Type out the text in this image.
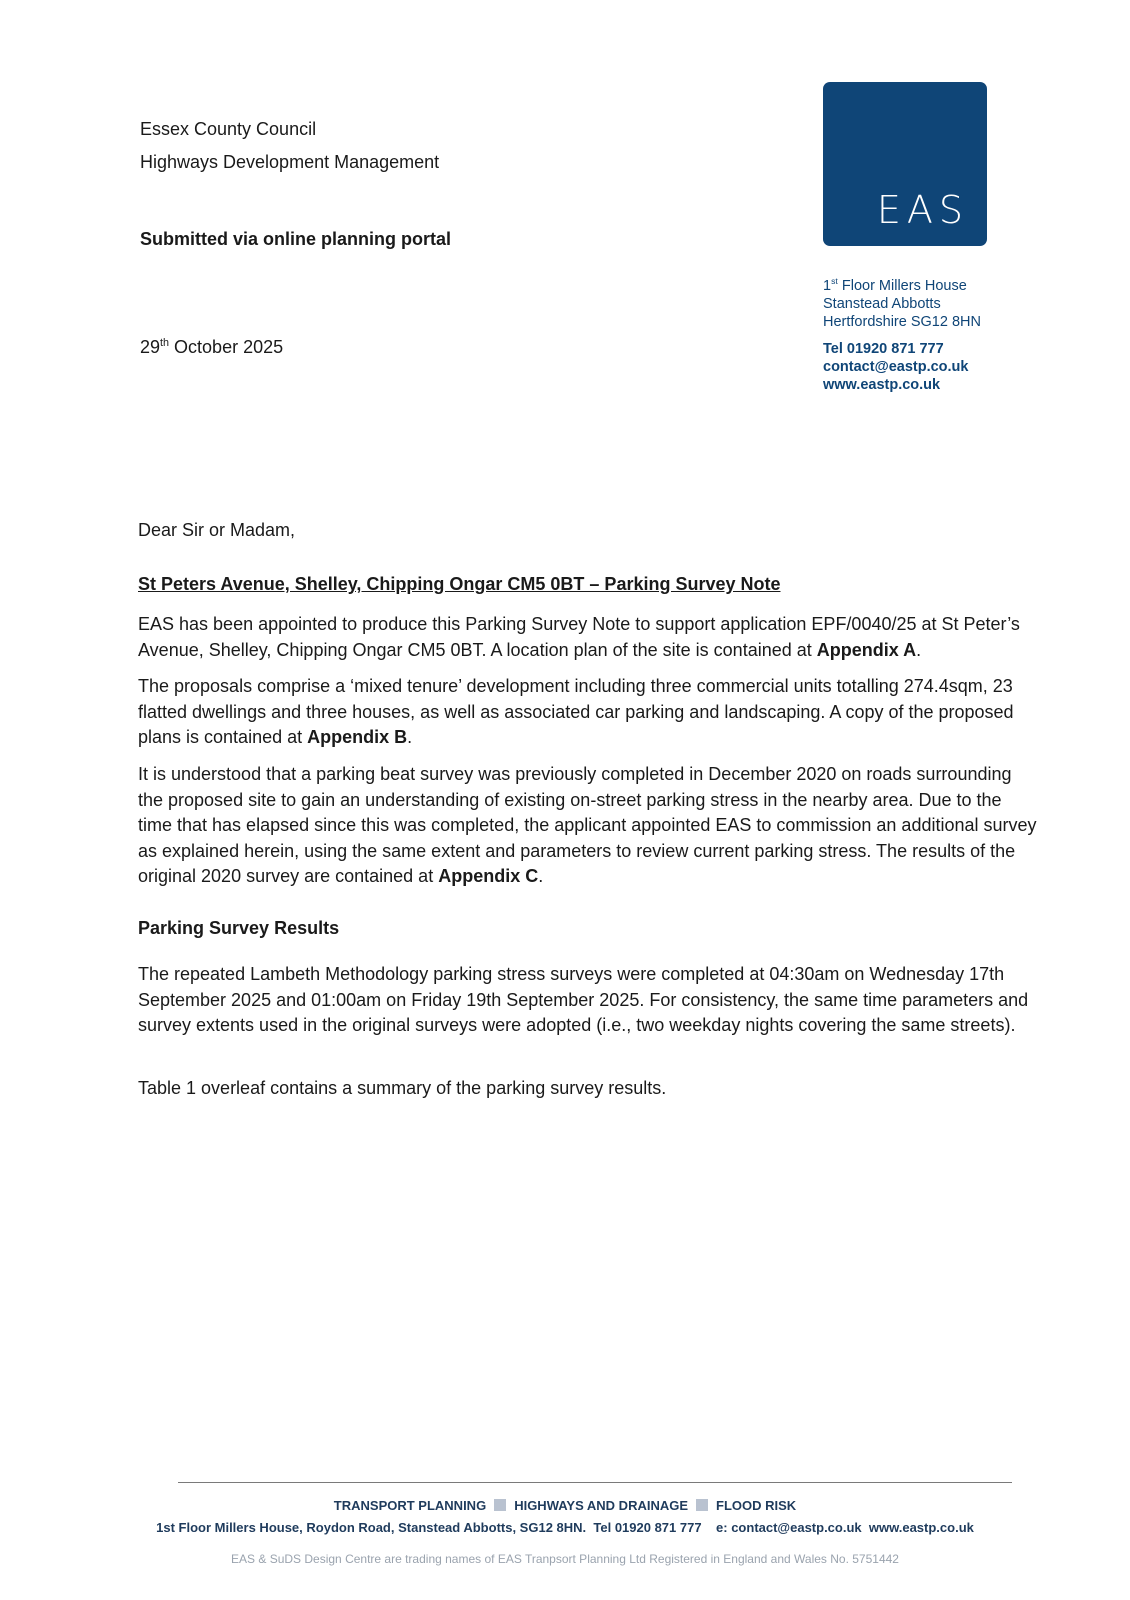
Essex County Council
Highways Development Management
Submitted via online planning portal
29th October 2025
EAS
1st Floor Millers House
Stanstead Abbotts
Hertfordshire SG12 8HN
Tel 01920 871 777
contact@eastp.co.uk
www.eastp.co.uk
Dear Sir or Madam,
St Peters Avenue, Shelley, Chipping Ongar CM5 0BT – Parking Survey Note

EAS has been appointed to produce this Parking Survey Note to support application EPF/0040/25 at St Peter’s Avenue, Shelley, Chipping Ongar CM5 0BT. A location plan of the site is contained at Appendix A.

The proposals comprise a ‘mixed tenure’ development including three commercial units totalling 274.4sqm, 23 flatted dwellings and three houses, as well as associated car parking and landscaping. A copy of the proposed plans is contained at Appendix B.

It is understood that a parking beat survey was previously completed in December 2020 on roads surrounding the proposed site to gain an understanding of existing on-street parking stress in the nearby area. Due to the time that has elapsed since this was completed, the applicant appointed EAS to commission an additional survey as explained herein, using the same extent and parameters to review current parking stress. The results of the original 2020 survey are contained at Appendix C.

Parking Survey Results

The repeated Lambeth Methodology parking stress surveys were completed at 04:30am on Wednesday 17th September 2025 and 01:00am on Friday 19th September 2025. For consistency, the same time parameters and survey extents used in the original surveys were adopted (i.e., two weekday nights covering the same streets).

Table 1 overleaf contains a summary of the parking survey results.

TRANSPORT PLANNING HIGHWAYS AND DRAINAGE FLOOD RISK
1st Floor Millers House, Roydon Road, Stanstead Abbotts, SG12 8HN. Tel 01920 871 777 e: contact@eastp.co.uk www.eastp.co.uk
EAS & SuDS Design Centre are trading names of EAS Tranpsort Planning Ltd Registered in England and Wales No. 5751442
